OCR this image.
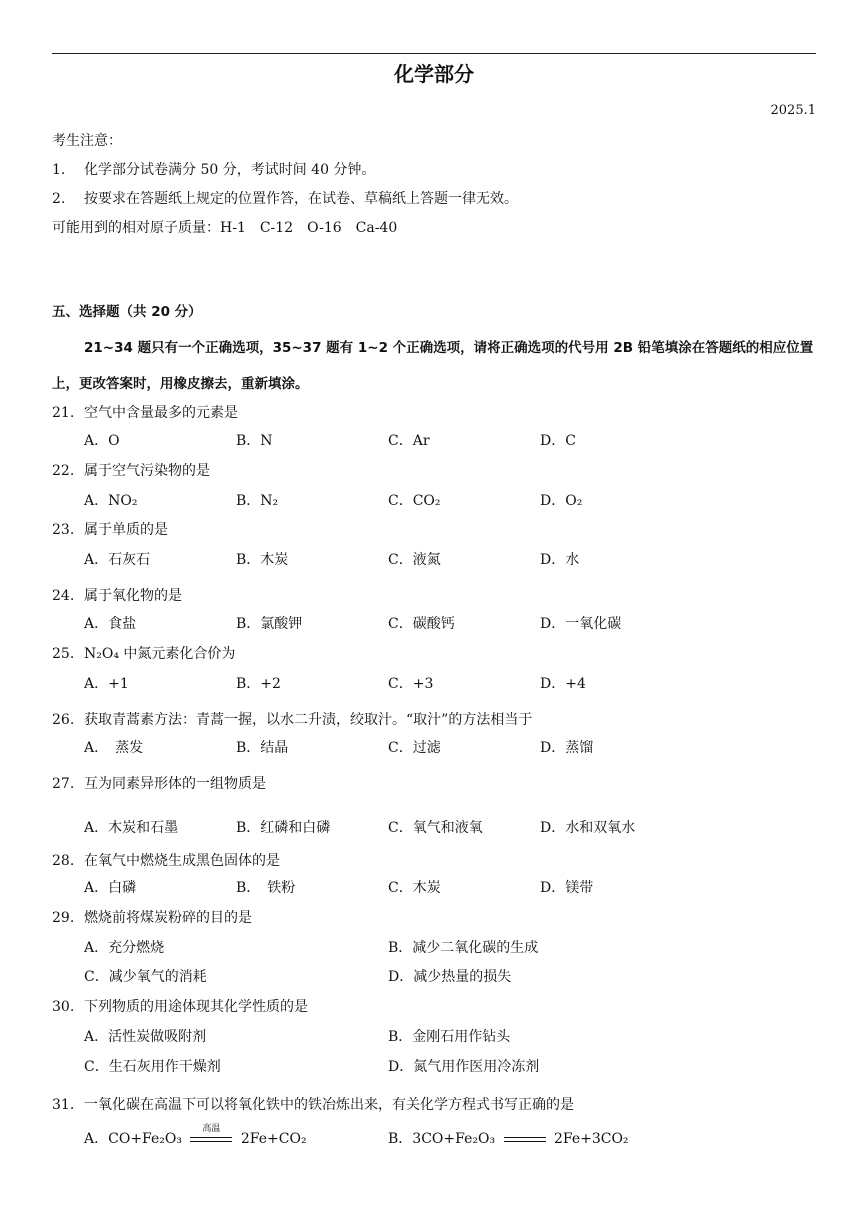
化学部分
2025.1
考生注意：
1. 化学部分试卷满分 50 分，考试时间 40 分钟。
2. 按要求在答题纸上规定的位置作答，在试卷、草稿纸上答题一律无效。
可能用到的相对原子质量：H-1　C-12　O-16　Ca-40
五、选择题（共 20 分）
21~34 题只有一个正确选项，35~37 题有 1~2 个正确选项，请将正确选项的代号用 2B 铅笔填涂在答题纸的相应位置上，更改答案时，用橡皮擦去，重新填涂。
21. 空气中含量最多的元素是
A．O	B．N	C．Ar	D．C
22. 属于空气污染物的是
A．NO₂	B．N₂	C．CO₂	D．O₂
23. 属于单质的是
A．石灰石	B．木炭	C．液氮	D．水
24. 属于氧化物的是
A．食盐	B．氯酸钾	C．碳酸钙	D．一氧化碳
25. N₂O₄ 中氮元素化合价为
A．+1	B．+2	C．+3	D．+4
26. 获取青蒿素方法：青蒿一握，以水二升渍，绞取汁。“取汁”的方法相当于
A．　蒸发	B．结晶	C．过滤	D．蒸馏
27. 互为同素异形体的一组物质是
A．木炭和石墨	B．红磷和白磷	C．氧气和液氧	D．水和双氧水
28. 在氧气中燃烧生成黑色固体的是
A．白磷	B．　铁粉	C．木炭	D．镁带
29. 燃烧前将煤炭粉碎的目的是
A．充分燃烧	B．减少二氧化碳的生成
C．减少氧气的消耗	D．减少热量的损失
30. 下列物质的用途体现其化学性质的是
A．活性炭做吸附剂	B．金刚石用作钻头
C．生石灰用作干燥剂	D．氮气用作医用冷冻剂
31. 一氧化碳在高温下可以将氧化铁中的铁冶炼出来，有关化学方程式书写正确的是
A．CO+Fe₂O₃
高温
2Fe+CO₂	B．3CO+Fe₂O₃	2Fe+3CO₂
